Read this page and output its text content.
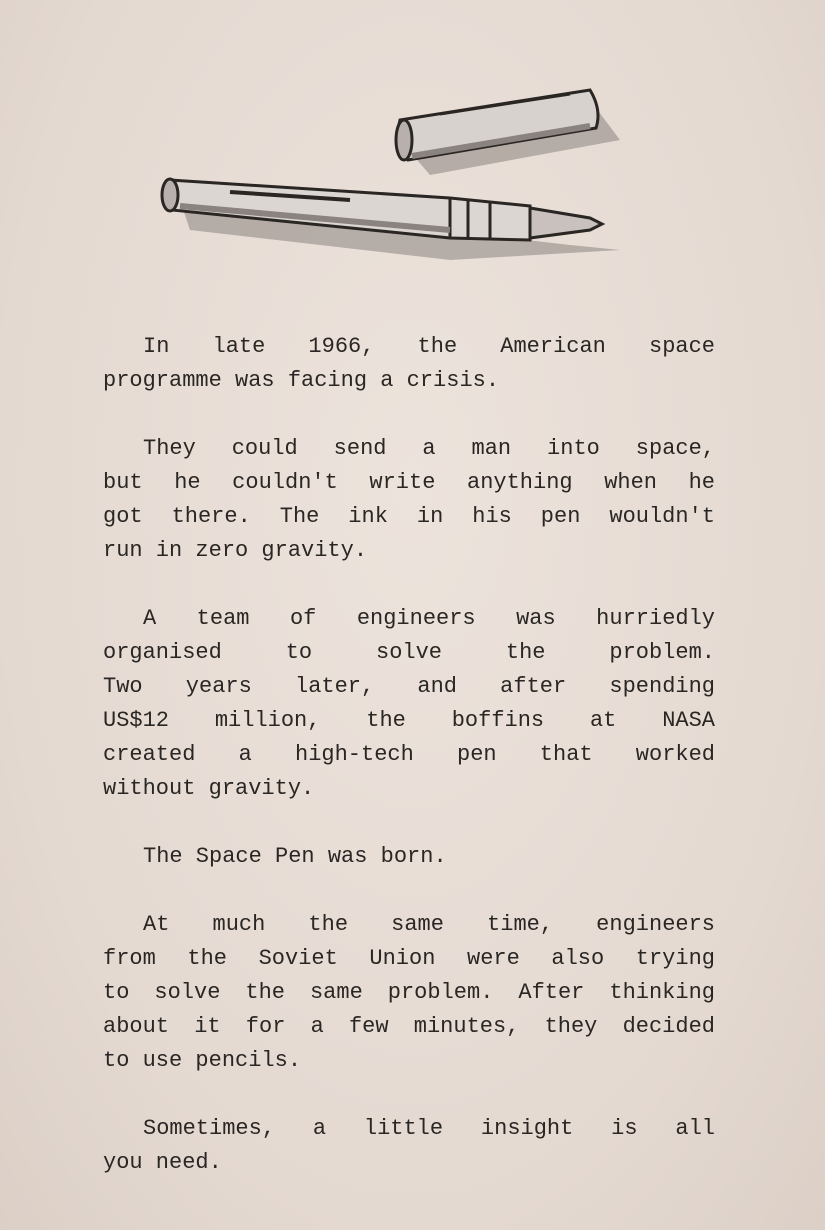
In late 1966, the American space
programme was facing a crisis.
They could send a man into space,
but he couldn't write anything when he
got there. The ink in his pen wouldn't
run in zero gravity.
A team of engineers was hurriedly
organised to solve the problem.
Two years later, and after spending
US$12 million, the boffins at NASA
created a high-tech pen that worked
without gravity.
The Space Pen was born.
At much the same time, engineers
from the Soviet Union were also trying
to solve the same problem. After thinking
about it for a few minutes, they decided
to use pencils.
Sometimes, a little insight is all
you need.
